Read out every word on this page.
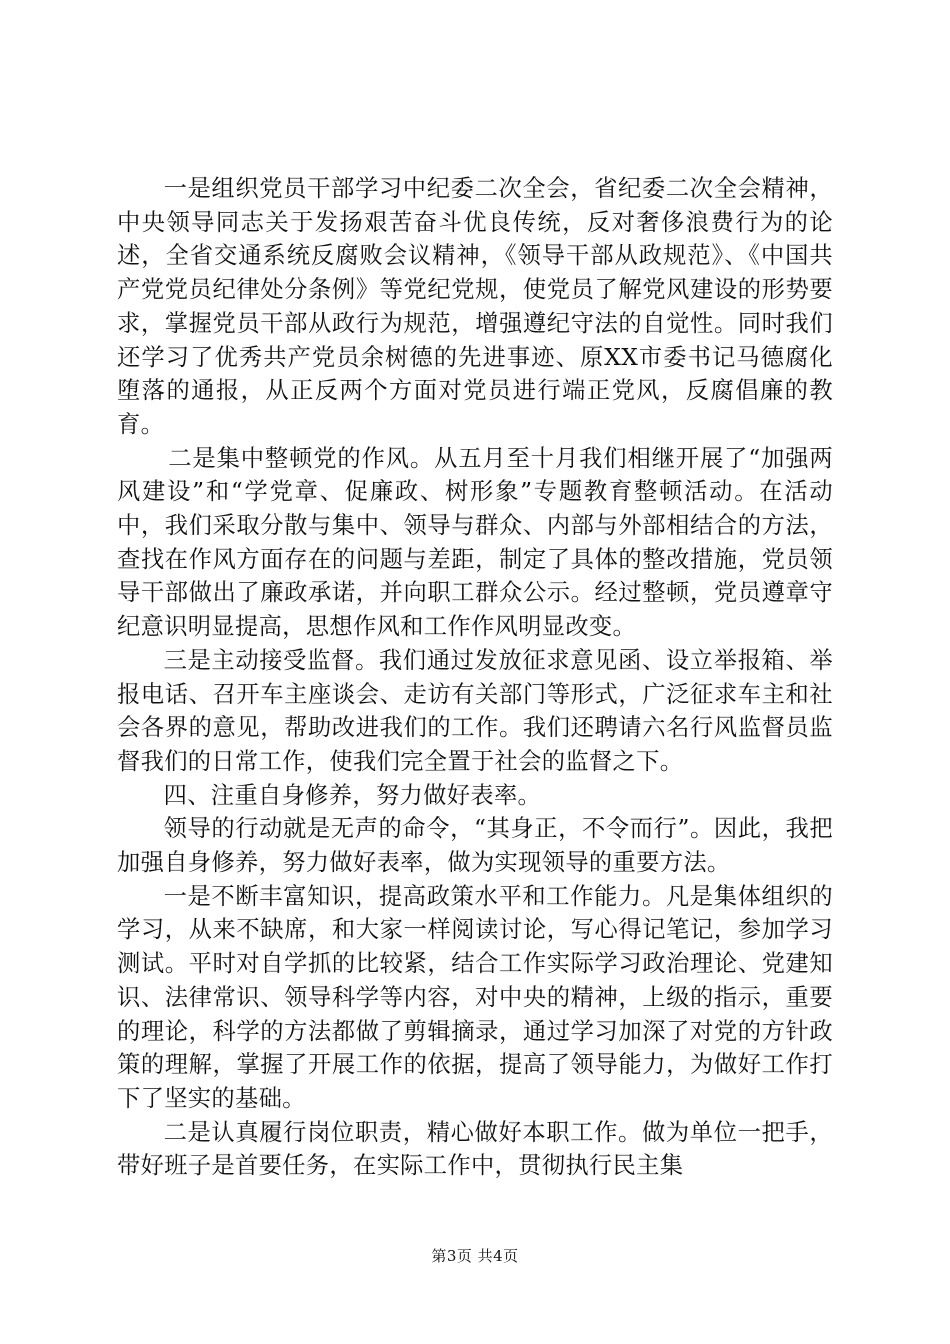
一是组织党员干部学习中纪委二次全会，省纪委二次全会精神，中央领导同志关于发扬艰苦奋斗优良传统，反对奢侈浪费行为的论述，全省交通系统反腐败会议精神，《领导干部从政规范》、《中国共产党党员纪律处分条例》等党纪党规，使党员了解党风建设的形势要求，掌握党员干部从政行为规范，增强遵纪守法的自觉性。同时我们还学习了优秀共产党员余树德的先进事迹、原XX市委书记马德腐化堕落的通报，从正反两个方面对党员进行端正党风，反腐倡廉的教育。

二是集中整顿党的作风。从五月至十月我们相继开展了“加强两风建设”和“学党章、促廉政、树形象”专题教育整顿活动。在活动中，我们采取分散与集中、领导与群众、内部与外部相结合的方法，查找在作风方面存在的问题与差距，制定了具体的整改措施，党员领导干部做出了廉政承诺，并向职工群众公示。经过整顿，党员遵章守纪意识明显提高，思想作风和工作作风明显改变。

三是主动接受监督。我们通过发放征求意见函、设立举报箱、举报电话、召开车主座谈会、走访有关部门等形式，广泛征求车主和社会各界的意见，帮助改进我们的工作。我们还聘请六名行风监督员监督我们的日常工作，使我们完全置于社会的监督之下。

四、注重自身修养，努力做好表率。

领导的行动就是无声的命令，“其身正，不令而行”。因此，我把加强自身修养，努力做好表率，做为实现领导的重要方法。

一是不断丰富知识，提高政策水平和工作能力。凡是集体组织的学习，从来不缺席，和大家一样阅读讨论，写心得记笔记，参加学习测试。平时对自学抓的比较紧，结合工作实际学习政治理论、党建知识、法律常识、领导科学等内容，对中央的精神，上级的指示，重要的理论，科学的方法都做了剪辑摘录，通过学习加深了对党的方针政策的理解，掌握了开展工作的依据，提高了领导能力，为做好工作打下了坚实的基础。

二是认真履行岗位职责，精心做好本职工作。做为单位一把手，带好班子是首要任务，在实际工作中，贯彻执行民主集

第3页 共4页
